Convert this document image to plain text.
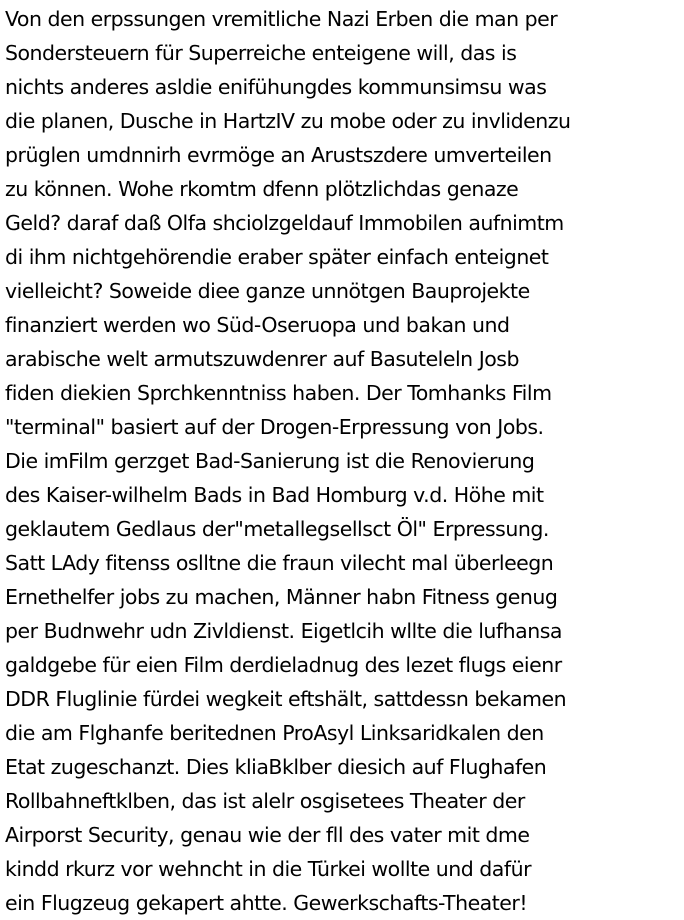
Von den erpssungen vremitliche Nazi Erben die man per
Sondersteuern für Superreiche enteigene will, das is
nichts anderes asldie enifühungdes kommunsimsu was
die planen, Dusche in HartzIV zu mobe oder zu invlidenzu
prüglen umdnnirh evrmöge an Arustszdere umverteilen
zu können. Wohe rkomtm dfenn plötzlichdas genaze
Geld? daraf daß Olfa shciolzgeldauf Immobilen aufnimtm
di ihm nichtgehörendie eraber später einfach enteignet
vielleicht? Soweide diee ganze unnötgen Bauprojekte
finanziert werden wo Süd-Oseruopa und bakan und
arabische welt armutszuwdenrer auf Basuteleln Josb
fiden diekien Sprchkenntniss haben. Der Tomhanks Film
"terminal" basiert auf der Drogen-Erpressung von Jobs.
Die imFilm gerzget Bad-Sanierung ist die Renovierung
des Kaiser-wilhelm Bads in Bad Homburg v.d. Höhe mit
geklautem Gedlaus der"metallegsellsct Öl" Erpressung.
Satt LAdy fitenss oslltne die fraun vilecht mal überleegn
Ernethelfer jobs zu machen, Männer habn Fitness genug
per Budnwehr udn Zivldienst. Eigetlcih wllte die lufhansa
galdgebe für eien Film derdieladnug des lezet flugs eienr
DDR Fluglinie fürdei wegkeit eftshält, sattdessn bekamen
die am Flghanfe beritednen ProAsyl Linksaridkalen den
Etat zugeschanzt. Dies kliaBklber diesich auf Flughafen
Rollbahneftklben, das ist alelr osgisetees Theater der
Airporst Security, genau wie der fll des vater mit dme
kindd rkurz vor wehncht in die Türkei wollte und dafür
ein Flugzeug gekapert ahtte. Gewerkschafts-Theater!
